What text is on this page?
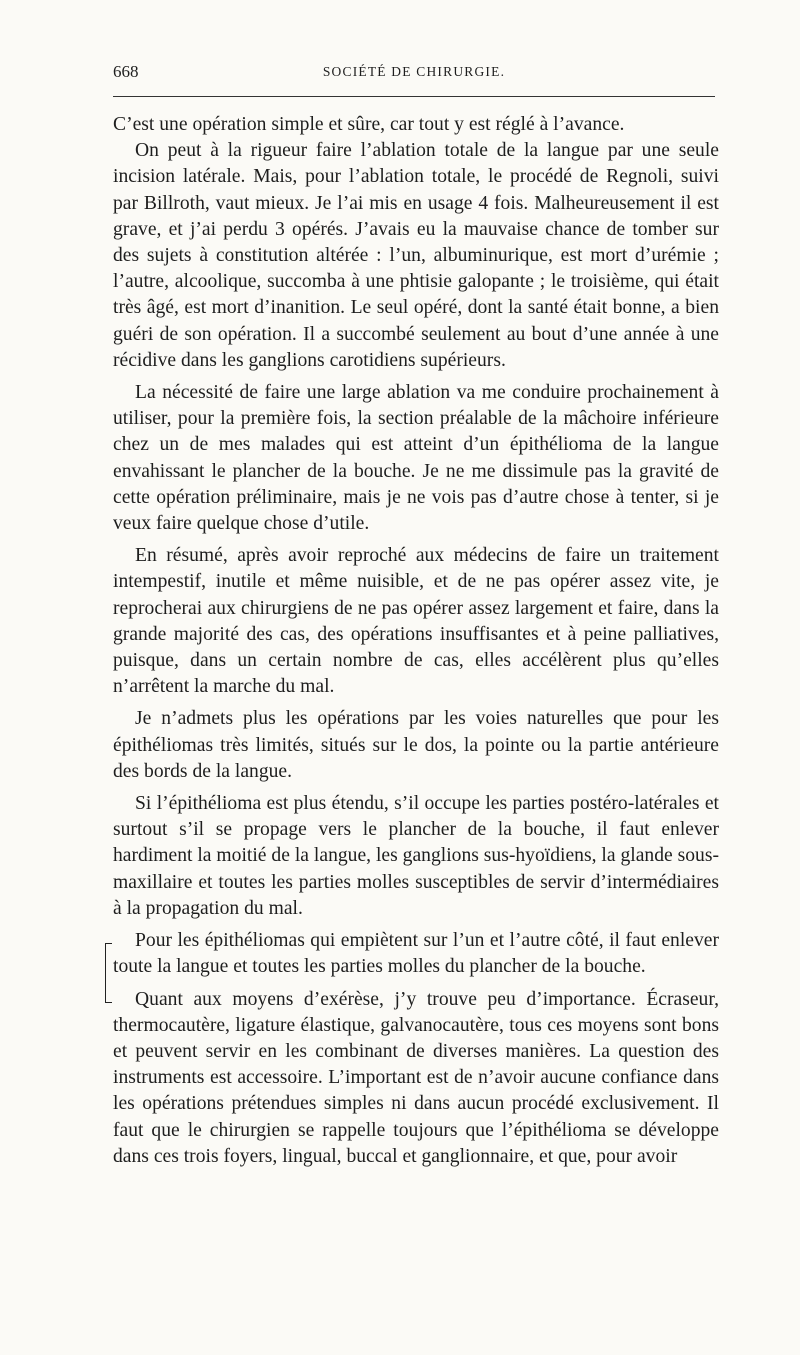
668	SOCIÉTÉ DE CHIRURGIE.

C’est une opération simple et sûre, car tout y est réglé à l’avance.

On peut à la rigueur faire l’ablation totale de la langue par une seule incision latérale. Mais, pour l’ablation totale, le procédé de Regnoli, suivi par Billroth, vaut mieux. Je l’ai mis en usage 4 fois. Malheureusement il est grave, et j’ai perdu 3 opérés. J’avais eu la mauvaise chance de tomber sur des sujets à constitution altérée : l’un, albuminurique, est mort d’urémie ; l’autre, alcoolique, succomba à une phtisie galopante ; le troisième, qui était très âgé, est mort d’inanition. Le seul opéré, dont la santé était bonne, a bien guéri de son opération. Il a succombé seulement au bout d’une année à une récidive dans les ganglions carotidiens supérieurs.

La nécessité de faire une large ablation va me conduire prochainement à utiliser, pour la première fois, la section préalable de la mâchoire inférieure chez un de mes malades qui est atteint d’un épithélioma de la langue envahissant le plancher de la bouche. Je ne me dissimule pas la gravité de cette opération préliminaire, mais je ne vois pas d’autre chose à tenter, si je veux faire quelque chose d’utile.

En résumé, après avoir reproché aux médecins de faire un traitement intempestif, inutile et même nuisible, et de ne pas opérer assez vite, je reprocherai aux chirurgiens de ne pas opérer assez largement et faire, dans la grande majorité des cas, des opérations insuffisantes et à peine palliatives, puisque, dans un certain nombre de cas, elles accélèrent plus qu’elles n’arrêtent la marche du mal.

Je n’admets plus les opérations par les voies naturelles que pour les épithéliomas très limités, situés sur le dos, la pointe ou la partie antérieure des bords de la langue.

Si l’épithélioma est plus étendu, s’il occupe les parties postéro-latérales et surtout s’il se propage vers le plancher de la bouche, il faut enlever hardiment la moitié de la langue, les ganglions sus-hyoïdiens, la glande sous-maxillaire et toutes les parties molles susceptibles de servir d’intermédiaires à la propagation du mal.

Pour les épithéliomas qui empiètent sur l’un et l’autre côté, il faut enlever toute la langue et toutes les parties molles du plancher de la bouche.

Quant aux moyens d’exérèse, j’y trouve peu d’importance. Écraseur, thermocautère, ligature élastique, galvanocautère, tous ces moyens sont bons et peuvent servir en les combinant de diverses manières. La question des instruments est accessoire. L’important est de n’avoir aucune confiance dans les opérations prétendues simples ni dans aucun procédé exclusivement. Il faut que le chirurgien se rappelle toujours que l’épithélioma se développe dans ces trois foyers, lingual, buccal et ganglionnaire, et que, pour avoir
